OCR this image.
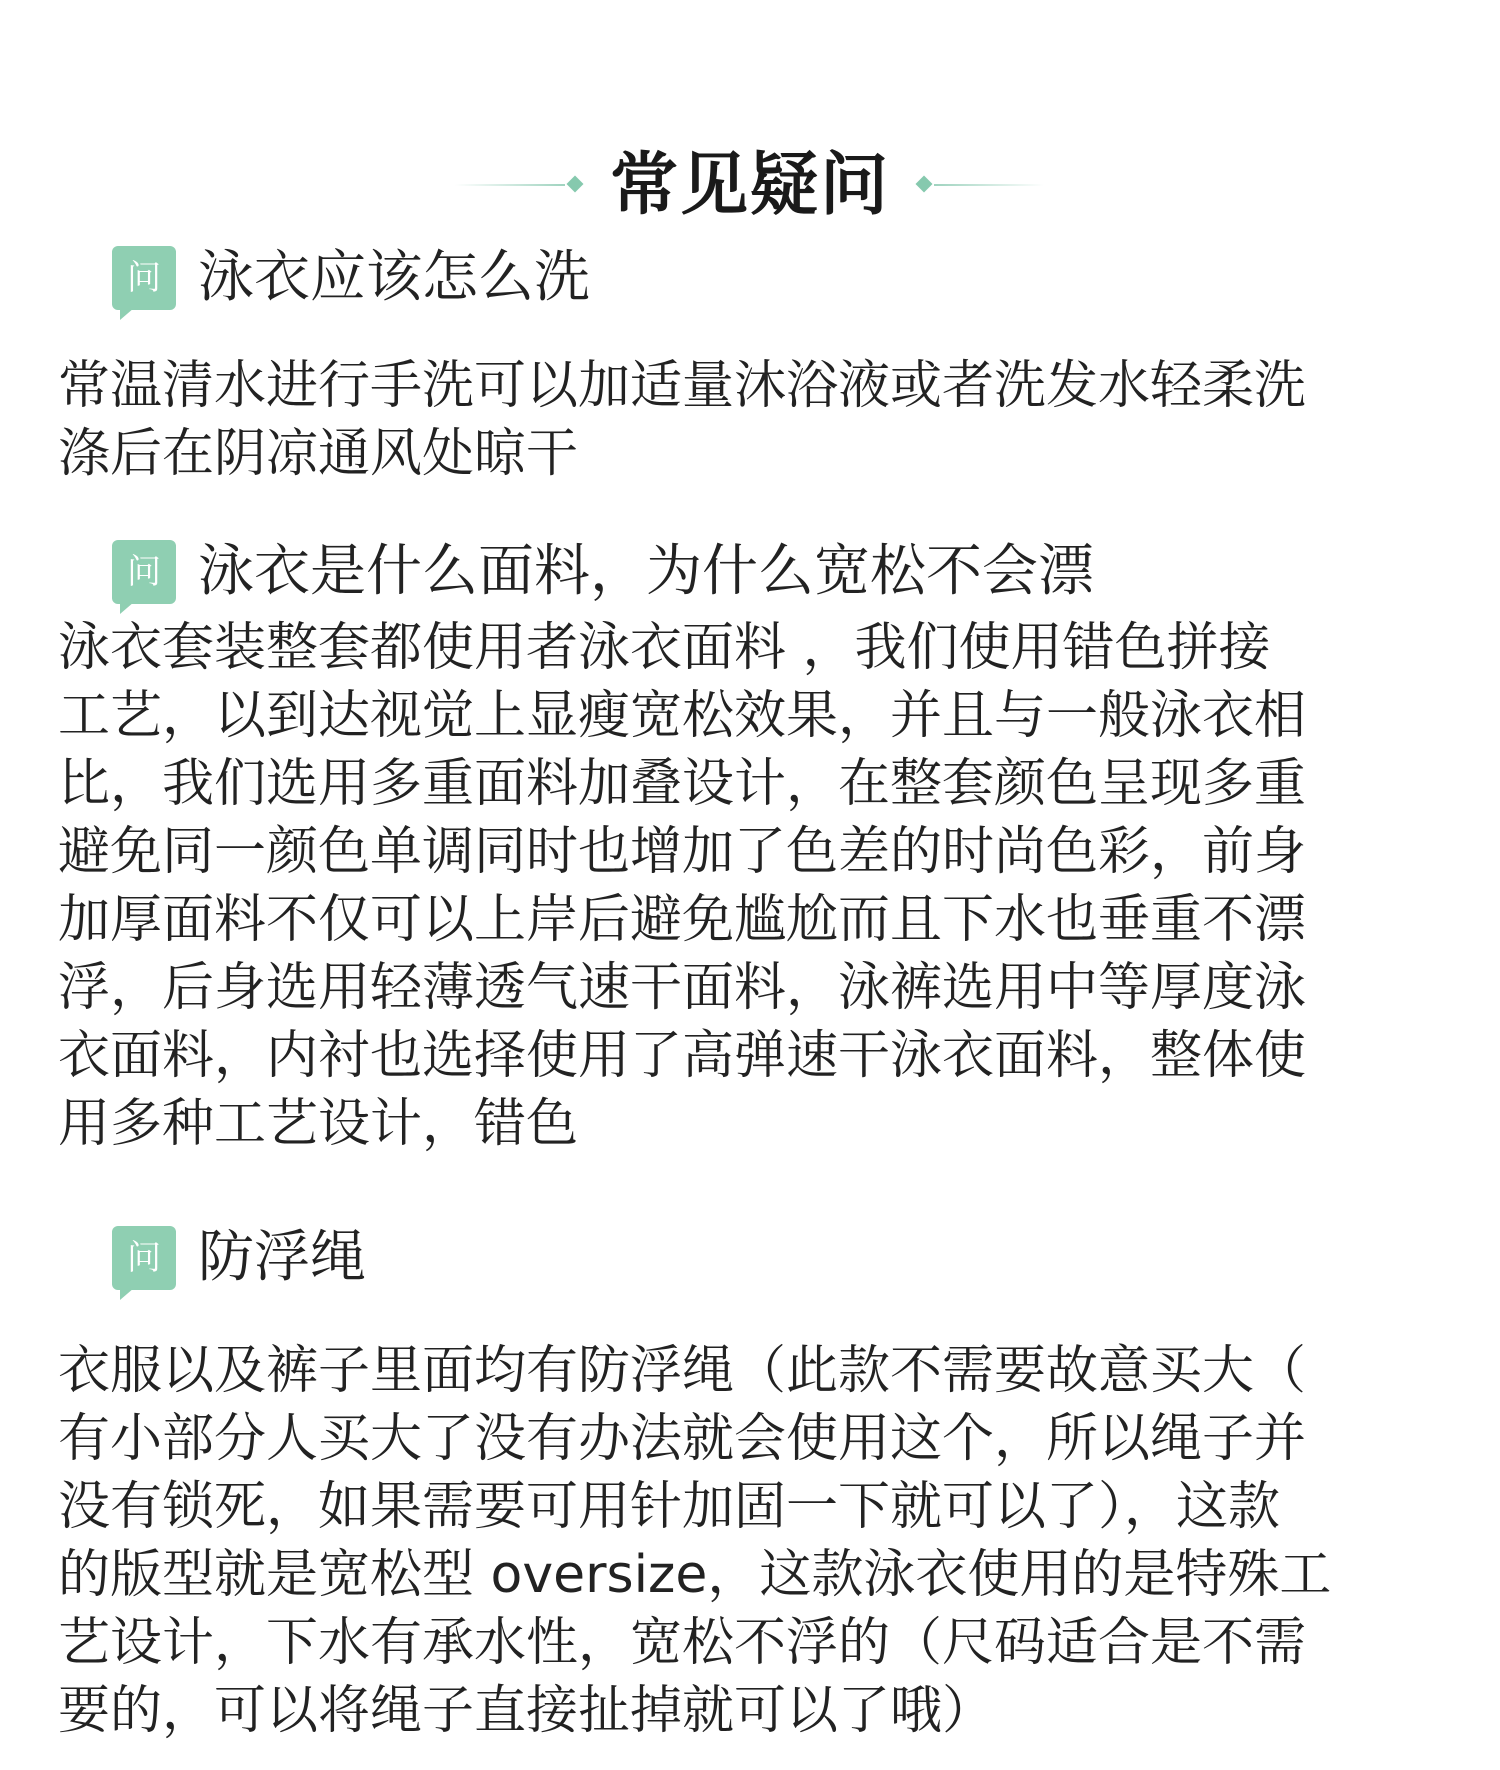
常见疑问
问 泳衣应该怎么洗
常温清水进行手洗可以加适量沐浴液或者洗发水轻柔洗
涤后在阴凉通风处晾干
问 泳衣是什么面料，为什么宽松不会漂
泳衣套装整套都使用者泳衣面料 ，我们使用错色拼接
工艺，以到达视觉上显瘦宽松效果，并且与一般泳衣相
比，我们选用多重面料加叠设计，在整套颜色呈现多重
避免同一颜色单调同时也增加了色差的时尚色彩，前身
加厚面料不仅可以上岸后避免尴尬而且下水也垂重不漂
浮，后身选用轻薄透气速干面料，泳裤选用中等厚度泳
衣面料，内衬也选择使用了高弹速干泳衣面料，整体使
用多种工艺设计，错色
问 防浮绳
衣服以及裤子里面均有防浮绳（此款不需要故意买大（
有小部分人买大了没有办法就会使用这个，所以绳子并
没有锁死，如果需要可用针加固一下就可以了），这款
的版型就是宽松型 oversize，这款泳衣使用的是特殊工
艺设计，下水有承水性，宽松不浮的（尺码适合是不需
要的，可以将绳子直接扯掉就可以了哦）
